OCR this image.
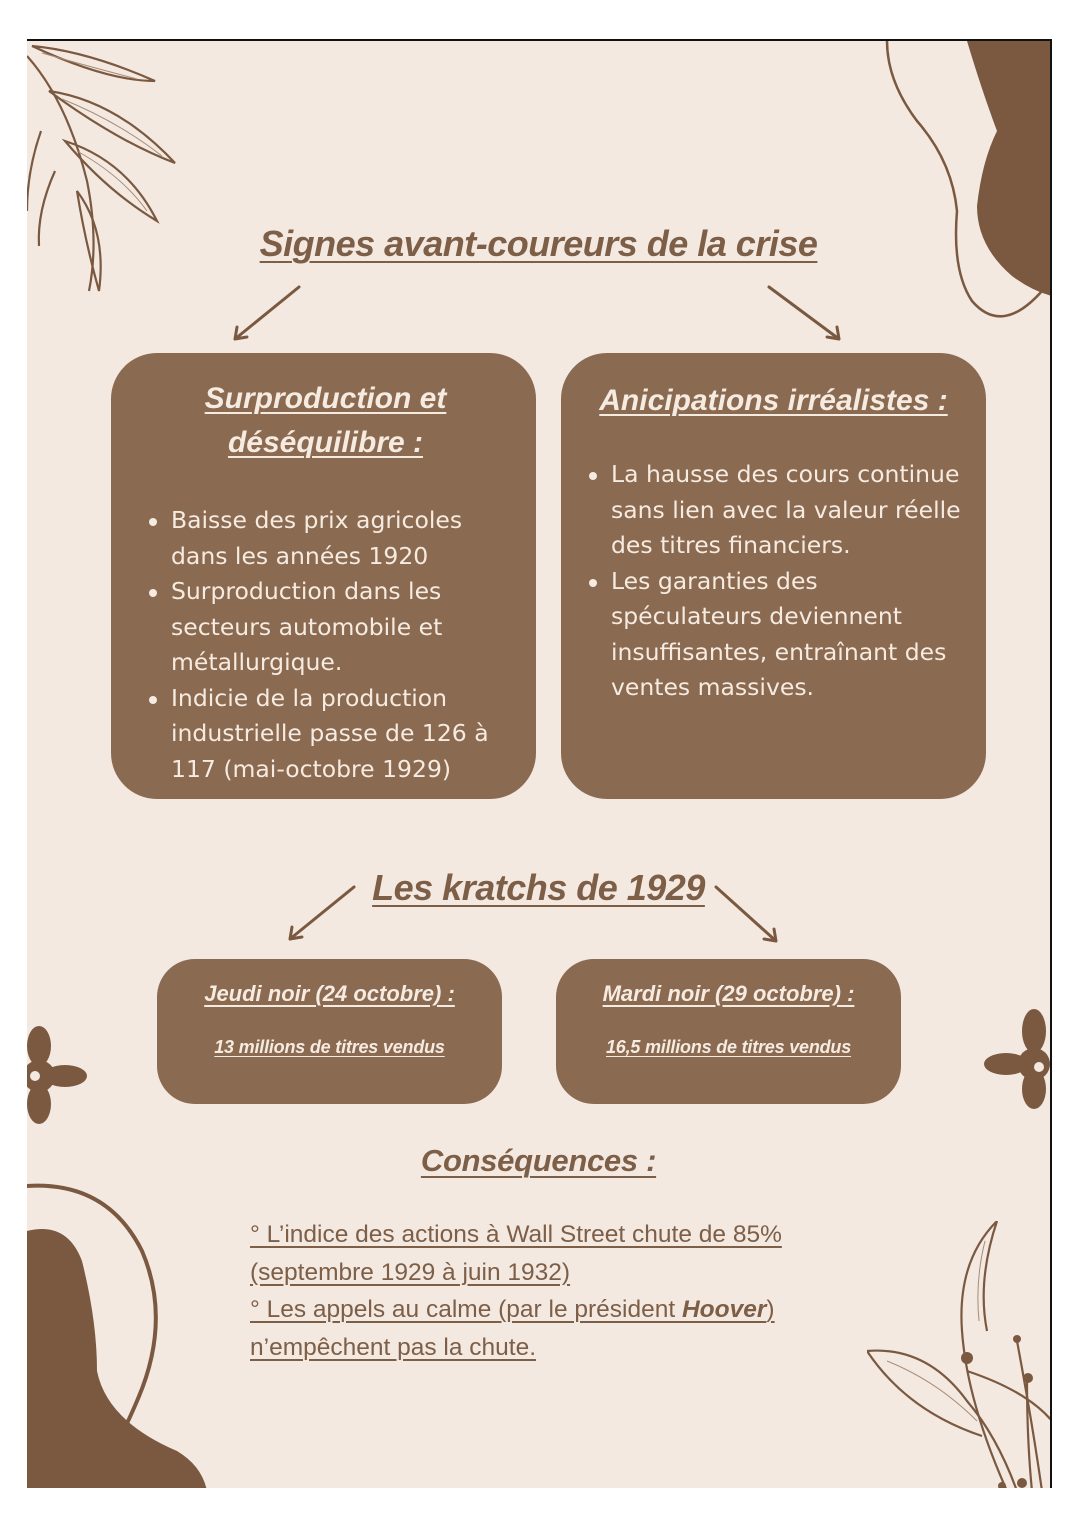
Signes avant-coureurs de la crise
Surproduction et
déséquilibre :
Baisse des prix agricoles dans les années 1920
Surproduction dans les secteurs automobile et métallurgique.
Indicie de la production industrielle passe de 126 à 117 (mai-octobre 1929)
Anicipations irréalistes :
La hausse des cours continue sans lien avec la valeur réelle des titres financiers.
Les garanties des spéculateurs deviennent insuffisantes, entraînant des ventes massives.
Les kratchs de 1929
Jeudi noir (24 octobre) :
13 millions de titres vendus
Mardi noir (29 octobre) :
16,5 millions de titres vendus
Conséquences :
° L’indice des actions à Wall Street chute de 85% (septembre 1929 à juin 1932)
° Les appels au calme (par le président Hoover) n’empêchent pas la chute.
